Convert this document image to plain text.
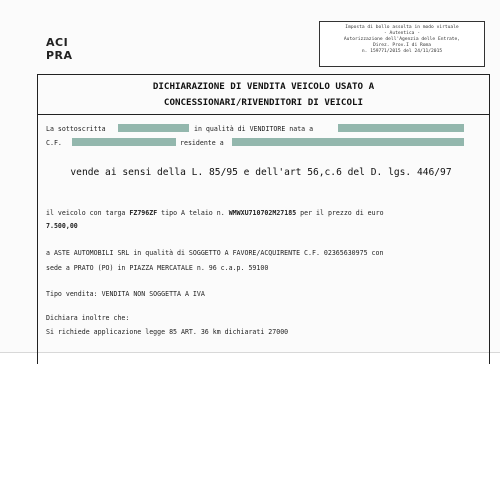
ACI
PRA
Imposta di bollo assolta in modo virtuale
- Autentica -
Autorizzazione dell'Agenzia delle Entrate,
Direz. Prov.I di Roma
n. 159771/2015 del 24/11/2015
DICHIARAZIONE DI VENDITA VEICOLO USATO A
CONCESSIONARI/RIVENDITORI DI VEICOLI
La sottoscritta	in qualità di VENDITORE nata a
C.F.	residente a
vende ai sensi della L. 85/95 e dell'art 56,c.6 del D. lgs. 446/97
il veicolo con targa FZ796ZF tipo A telaio n. WMWXU710702M27185 per il prezzo di euro
7.500,00
a ASTE AUTOMOBILI SRL in qualità di SOGGETTO A FAVORE/ACQUIRENTE C.F. 02365630975 con
sede a PRATO (PO) in PIAZZA MERCATALE n. 96 c.a.p. 59100
Tipo vendita: VENDITA NON SOGGETTA A IVA
Dichiara inoltre che:
Si richiede applicazione legge 85 ART. 36 km dichiarati 27000
